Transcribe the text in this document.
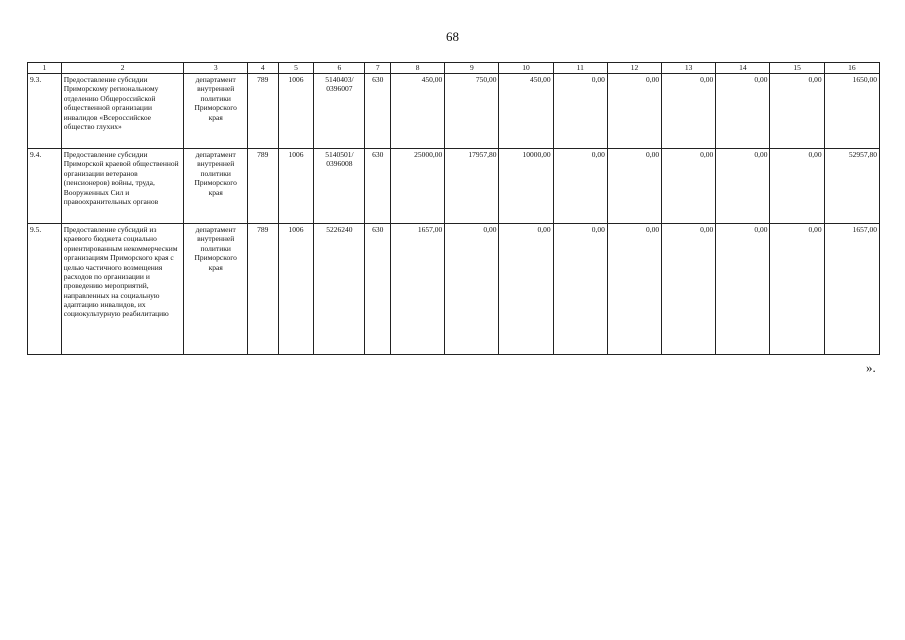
68
1	2	3	4	5	6	7	8	9	10	11	12	13	14	15	16
9.3.	Предоставление субсидии Приморскому региональному отделению Общероссийской общественной организации инвалидов «Всероссийское общество глухих»	департамент внутренней политики Приморского края	789	1006	5140403/ 0396007	630	450,00	750,00	450,00	0,00	0,00	0,00	0,00	0,00	1650,00
9.4.	Предоставление субсидии Приморской краевой общественной организации ветеранов (пенсионеров) войны, труда, Вооруженных Сил и правоохранительных органов	департамент внутренней политики Приморского края	789	1006	5140501/ 0396008	630	25000,00	17957,80	10000,00	0,00	0,00	0,00	0,00	0,00	52957,80
9.5.	Предоставление субсидий из краевого бюджета социально ориентированным некоммерческим организациям Приморского края с целью частичного возмещения расходов по организации и проведению мероприятий, направленных на социальную адаптацию инвалидов, их социокультурную реабилитацию	департамент внутренней политики Приморского края	789	1006	5226240	630	1657,00	0,00	0,00	0,00	0,00	0,00	0,00	0,00	1657,00
».
